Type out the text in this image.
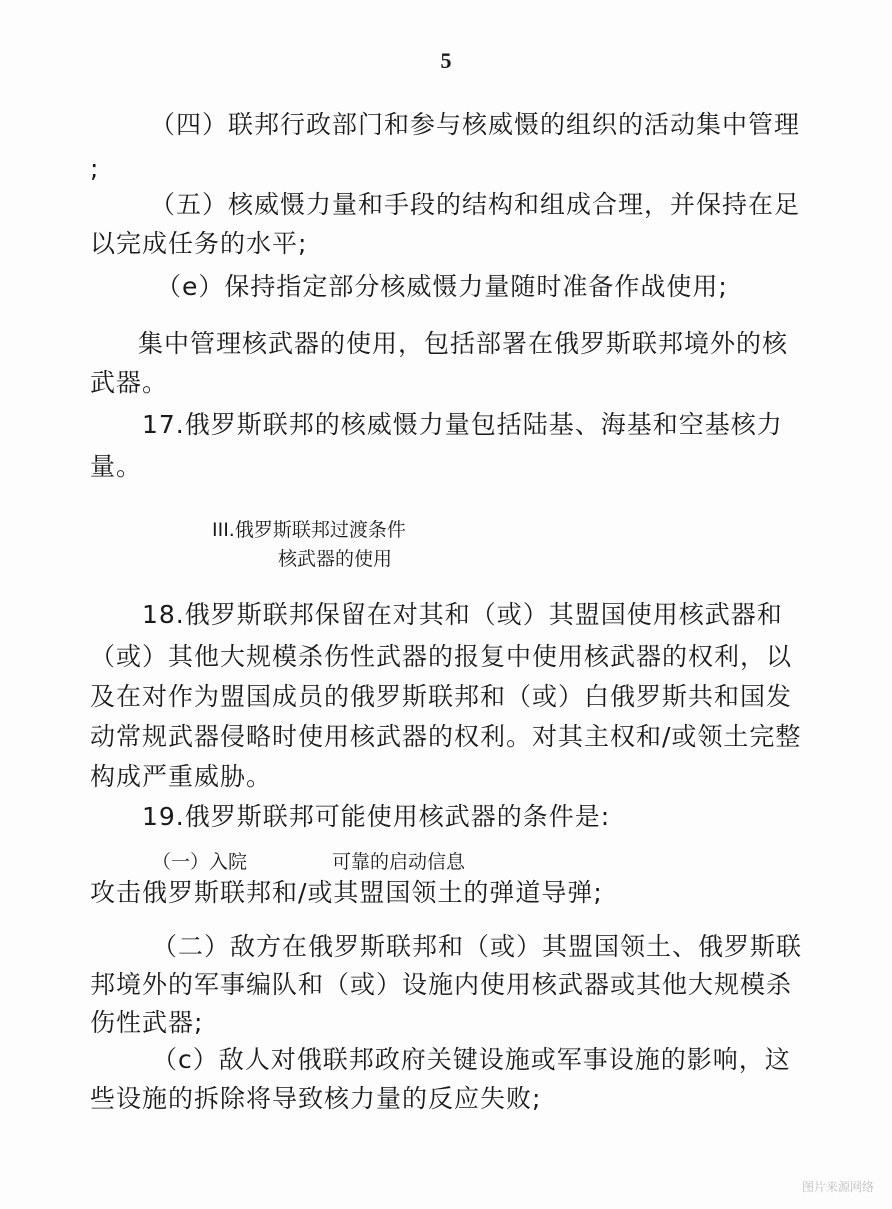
5
（四）联邦行政部门和参与核威慑的组织的活动集中管理
;
（五）核威慑力量和手段的结构和组成合理，并保持在足
以完成任务的水平;
（e）保持指定部分核威慑力量随时准备作战使用;
集中管理核武器的使用，包括部署在俄罗斯联邦境外的核
武器。
17.俄罗斯联邦的核威慑力量包括陆基、海基和空基核力
量。
III.俄罗斯联邦过渡条件
核武器的使用
18.俄罗斯联邦保留在对其和（或）其盟国使用核武器和
（或）其他大规模杀伤性武器的报复中使用核武器的权利，以
及在对作为盟国成员的俄罗斯联邦和（或）白俄罗斯共和国发
动常规武器侵略时使用核武器的权利。对其主权和/或领土完整
构成严重威胁。
19.俄罗斯联邦可能使用核武器的条件是:
（一）入院	可靠的启动信息
攻击俄罗斯联邦和/或其盟国领土的弹道导弹;
（二）敌方在俄罗斯联邦和（或）其盟国领土、俄罗斯联
邦境外的军事编队和（或）设施内使用核武器或其他大规模杀
伤性武器;
（c）敌人对俄联邦政府关键设施或军事设施的影响，这
些设施的拆除将导致核力量的反应失败;
图片来源网络
